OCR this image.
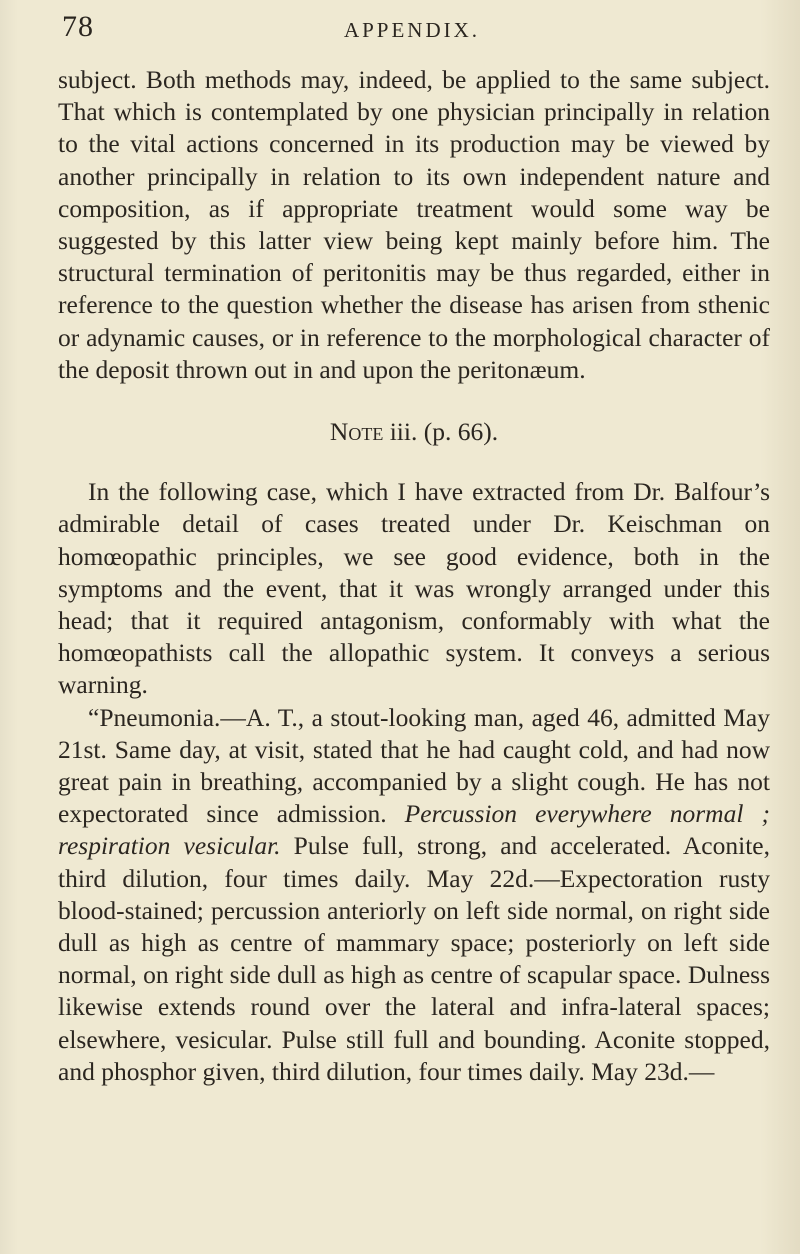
78	APPENDIX.

subject. Both methods may, indeed, be applied to the same subject. That which is contemplated by one physician principally in relation to the vital actions concerned in its production may be viewed by another principally in relation to its own independent nature and composition, as if appropriate treatment would some way be suggested by this latter view being kept mainly before him. The structural termination of peritonitis may be thus regarded, either in reference to the question whether the disease has arisen from sthenic or adynamic causes, or in reference to the morphological character of the deposit thrown out in and upon the peritonæum.

Note iii. (p. 66).

In the following case, which I have extracted from Dr. Balfour’s admirable detail of cases treated under Dr. Keischman on homœopathic principles, we see good evidence, both in the symptoms and the event, that it was wrongly arranged under this head; that it required antagonism, conformably with what the homœopathists call the allopathic system. It conveys a serious warning.

“Pneumonia.—A. T., a stout-looking man, aged 46, admitted May 21st. Same day, at visit, stated that he had caught cold, and had now great pain in breathing, accompanied by a slight cough. He has not expectorated since admission. Percussion everywhere normal ; respiration vesicular. Pulse full, strong, and accelerated. Aconite, third dilution, four times daily. May 22d.—Expectoration rusty blood-stained; percussion anteriorly on left side normal, on right side dull as high as centre of mammary space; posteriorly on left side normal, on right side dull as high as centre of scapular space. Dulness likewise extends round over the lateral and infra-lateral spaces; elsewhere, vesicular. Pulse still full and bounding. Aconite stopped, and phosphor given, third dilution, four times daily. May 23d.—
